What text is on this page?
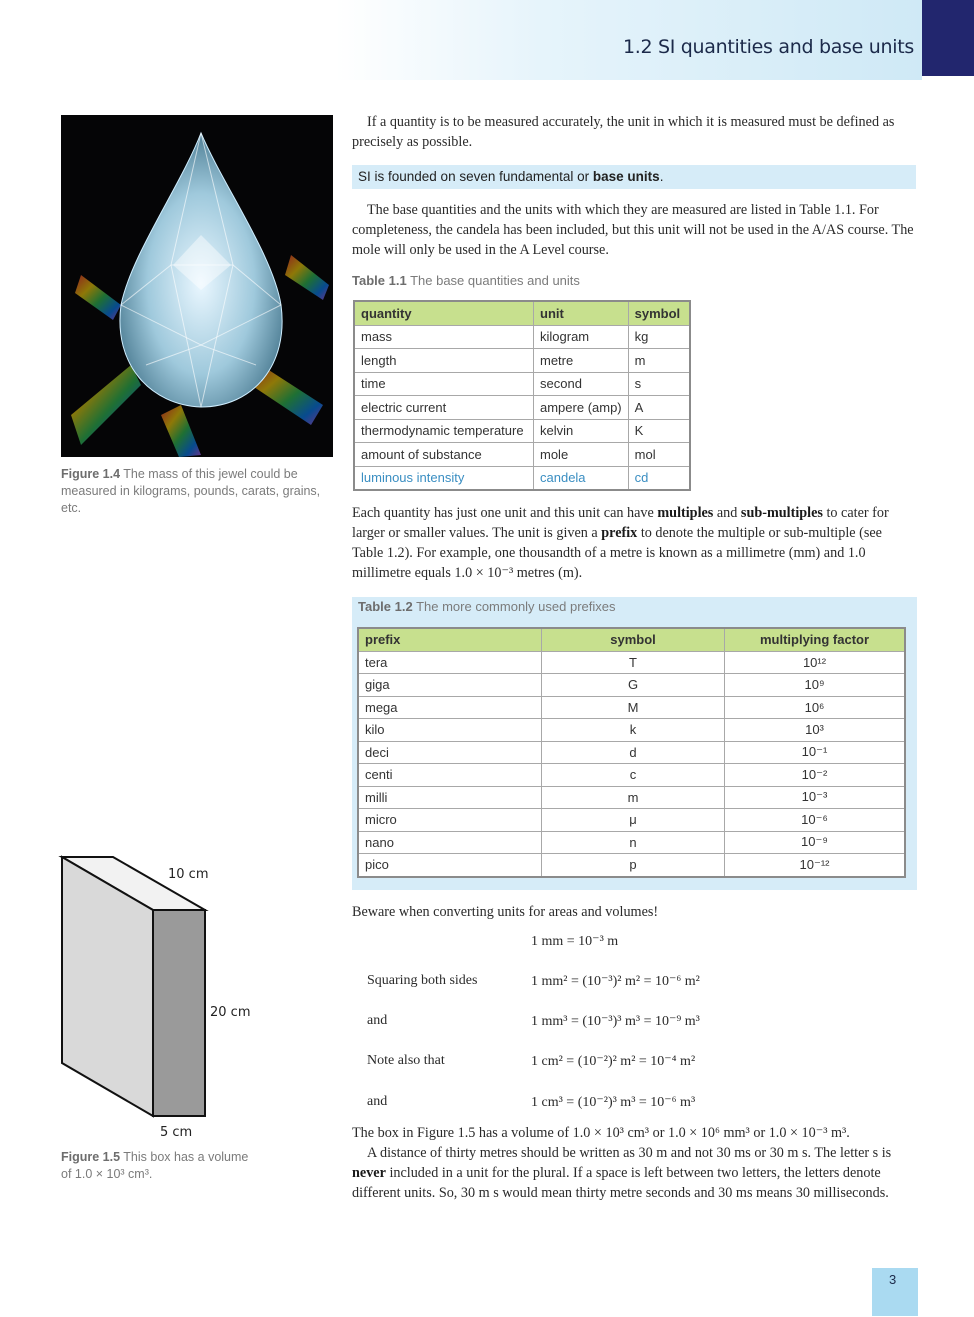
1.2 SI quantities and base units
Figure 1.4 The mass of this jewel could be measured in kilograms, pounds, carats, grains, etc.
If a quantity is to be measured accurately, the unit in which it is measured must be defined as precisely as possible.
SI is founded on seven fundamental or base units.
The base quantities and the units with which they are measured are listed in Table 1.1. For completeness, the candela has been included, but this unit will not be used in the A/AS course. The mole will only be used in the A Level course.
Table 1.1 The base quantities and units
quantity	unit	symbol
mass	kilogram	kg
length	metre	m
time	second	s
electric current	ampere (amp)	A
thermodynamic temperature	kelvin	K
amount of substance	mole	mol
luminous intensity	candela	cd
Each quantity has just one unit and this unit can have multiples and sub-multiples to cater for larger or smaller values. The unit is given a prefix to denote the multiple or sub-multiple (see Table 1.2). For example, one thousandth of a metre is known as a millimetre (mm) and 1.0 millimetre equals 1.0 × 10⁻³ metres (m).
Table 1.2 The more commonly used prefixes
prefix	symbol	multiplying factor
tera	T	10¹²
giga	G	10⁹
mega	M	10⁶
kilo	k	10³
deci	d	10⁻¹
centi	c	10⁻²
milli	m	10⁻³
micro	μ	10⁻⁶
nano	n	10⁻⁹
pico	p	10⁻¹²
Beware when converting units for areas and volumes!
1 mm = 10⁻³ m
Squaring both sides	1 mm² = (10⁻³)² m² = 10⁻⁶ m²
and	1 mm³ = (10⁻³)³ m³ = 10⁻⁹ m³
Note also that	1 cm² = (10⁻²)² m² = 10⁻⁴ m²
and	1 cm³ = (10⁻²)³ m³ = 10⁻⁶ m³
The box in Figure 1.5 has a volume of 1.0 × 10³ cm³ or 1.0 × 10⁶ mm³ or 1.0 × 10⁻³ m³.
A distance of thirty metres should be written as 30 m and not 30 ms or 30 m s. The letter s is never included in a unit for the plural. If a space is left between two letters, the letters denote different units. So, 30 m s would mean thirty metre seconds and 30 ms means 30 milliseconds.
10 cm
20 cm
5 cm
Figure 1.5 This box has a volume of 1.0 × 10³ cm³.
3
